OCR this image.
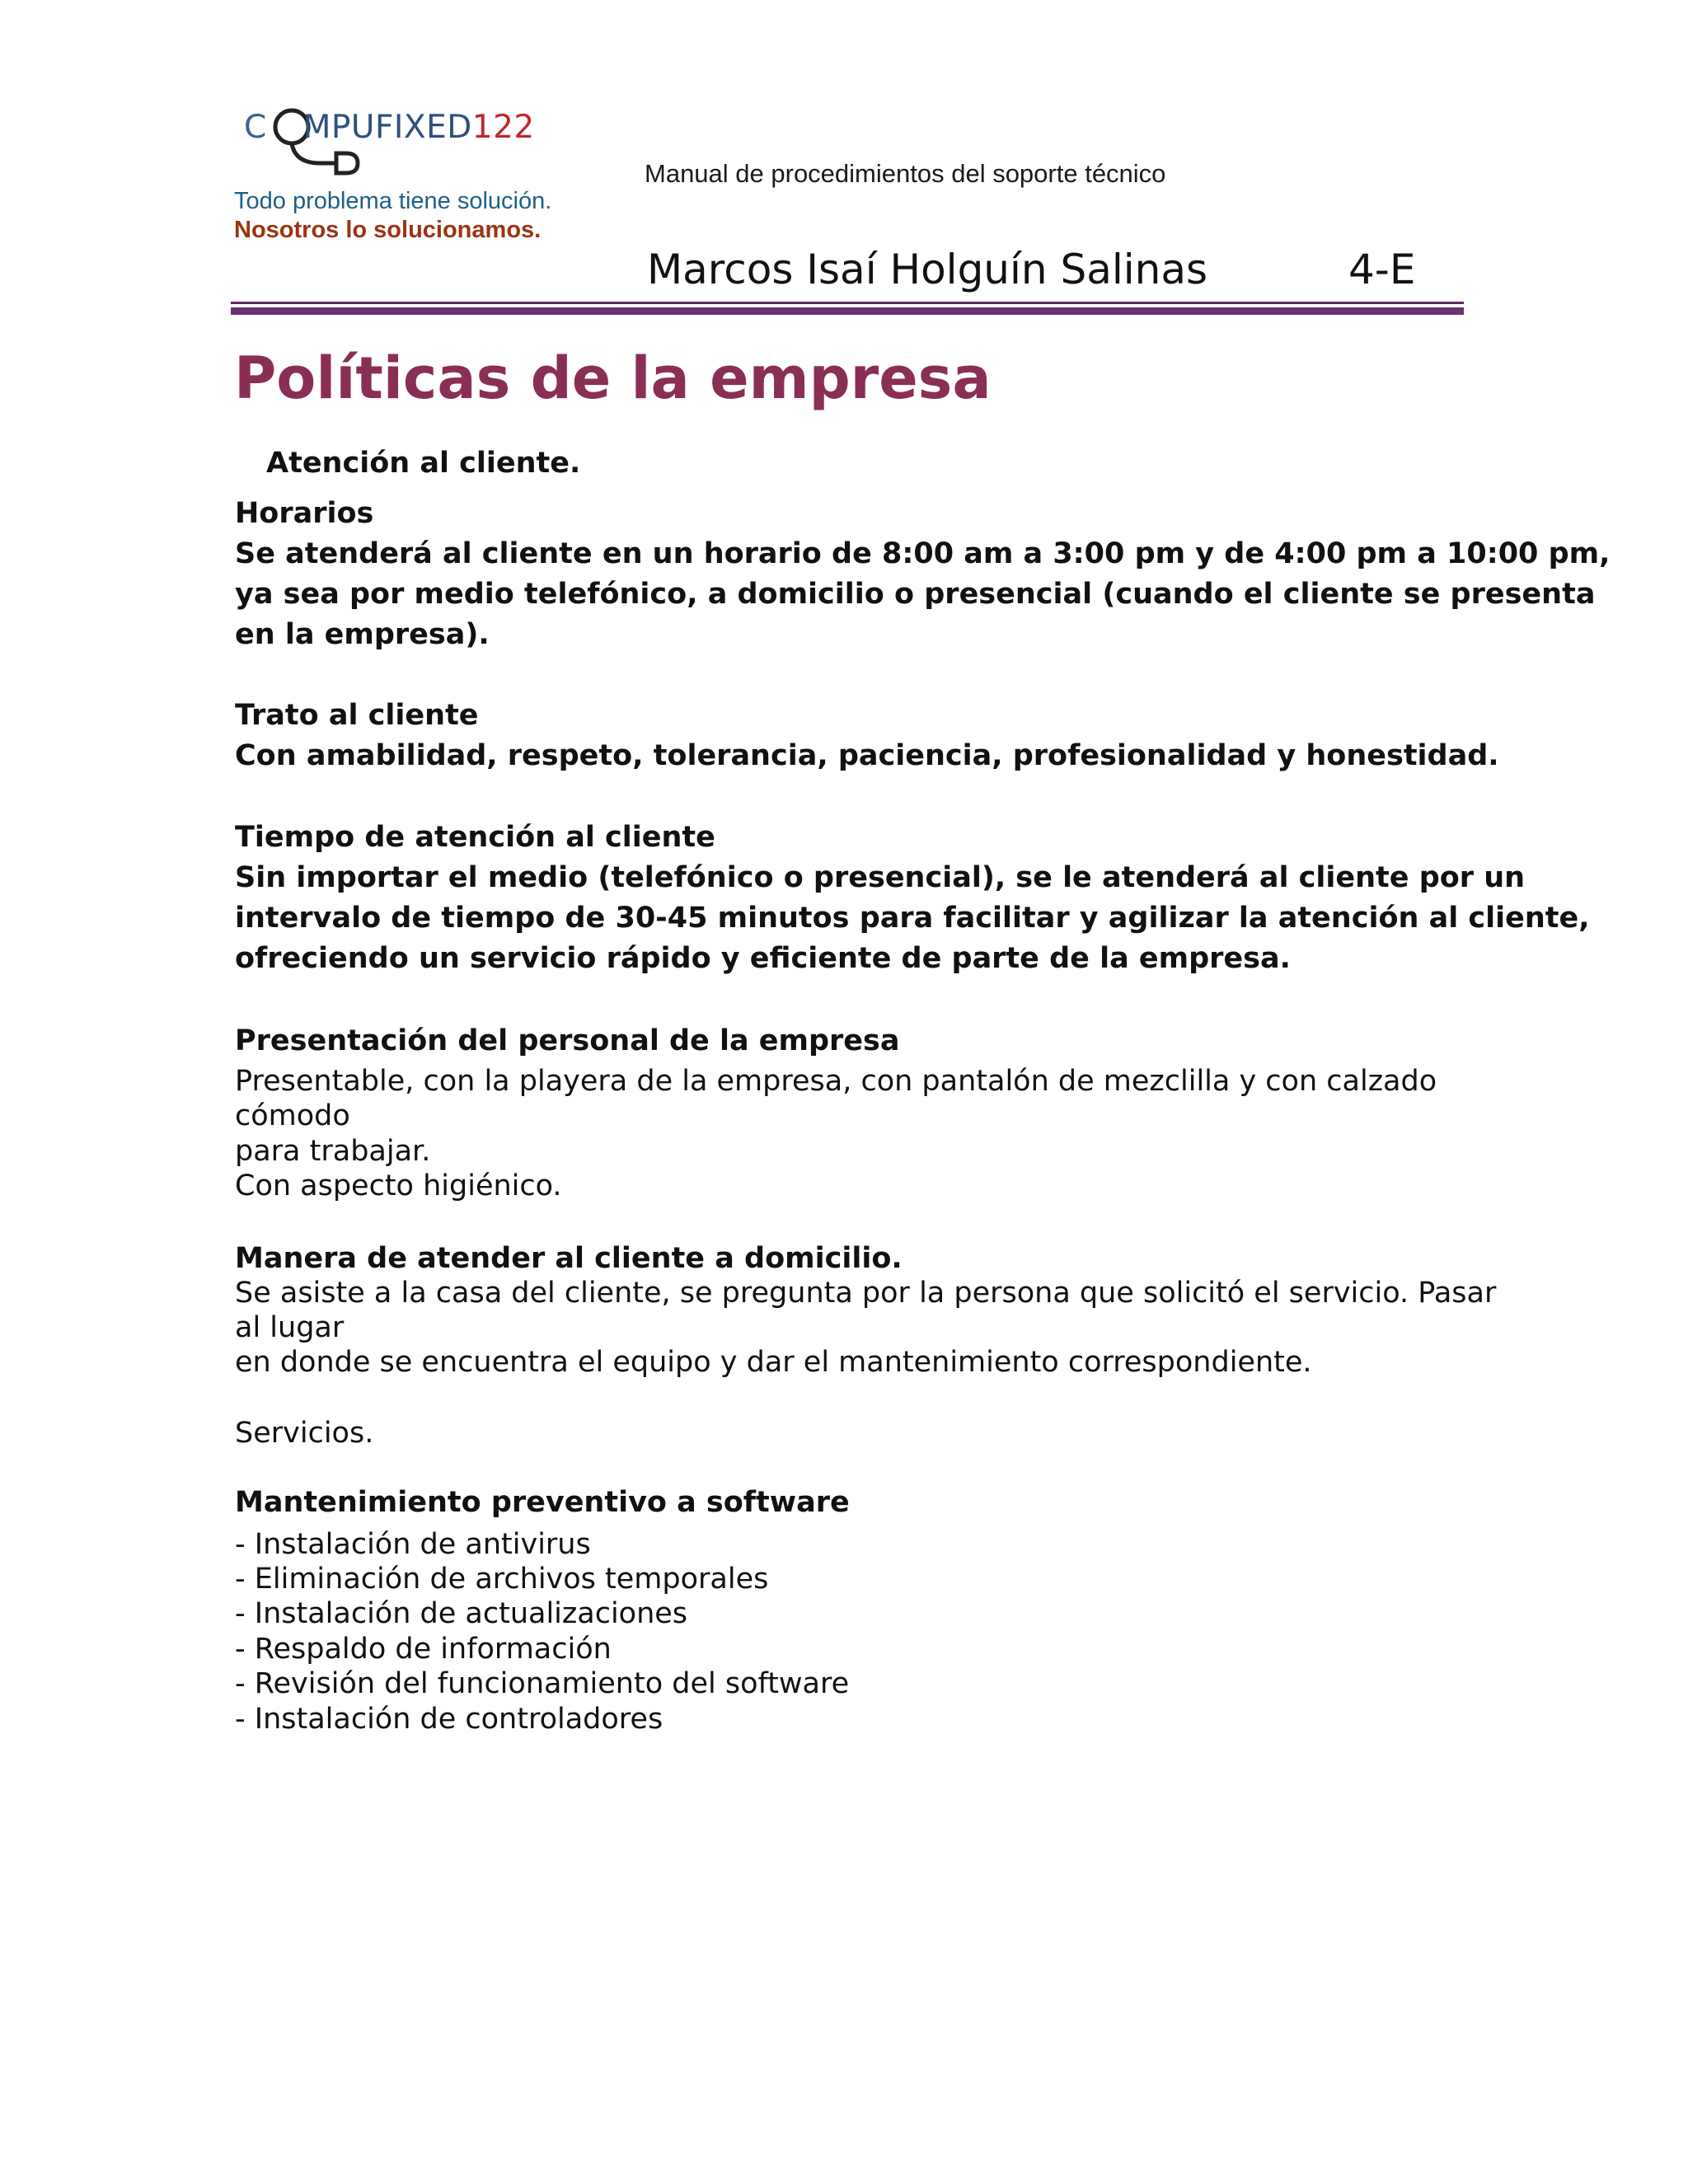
C MPUFIXED122
Todo problema tiene solución.
Nosotros lo solucionamos.
Manual de procedimientos del soporte técnico
Marcos Isaí Holguín Salinas	4-E
Políticas de la empresa
Atención al cliente.
Horarios
Se atenderá al cliente en un horario de 8:00 am a 3:00 pm y de 4:00 pm a 10:00 pm,
ya sea por medio telefónico, a domicilio o presencial (cuando el cliente se presenta
en la empresa).
Trato al cliente
Con amabilidad, respeto, tolerancia, paciencia, profesionalidad y honestidad.
Tiempo de atención al cliente
Sin importar el medio (telefónico o presencial), se le atenderá al cliente por un
intervalo de tiempo de 30-45 minutos para facilitar y agilizar la atención al cliente,
ofreciendo un servicio rápido y eficiente de parte de la empresa.
Presentación del personal de la empresa
Presentable, con la playera de la empresa, con pantalón de mezclilla y con calzado
cómodo
para trabajar.
Con aspecto higiénico.
Manera de atender al cliente a domicilio.
Se asiste a la casa del cliente, se pregunta por la persona que solicitó el servicio. Pasar
al lugar
en donde se encuentra el equipo y dar el mantenimiento correspondiente.
Servicios.
Mantenimiento preventivo a software
- Instalación de antivirus
- Eliminación de archivos temporales
- Instalación de actualizaciones
- Respaldo de información
- Revisión del funcionamiento del software
- Instalación de controladores
